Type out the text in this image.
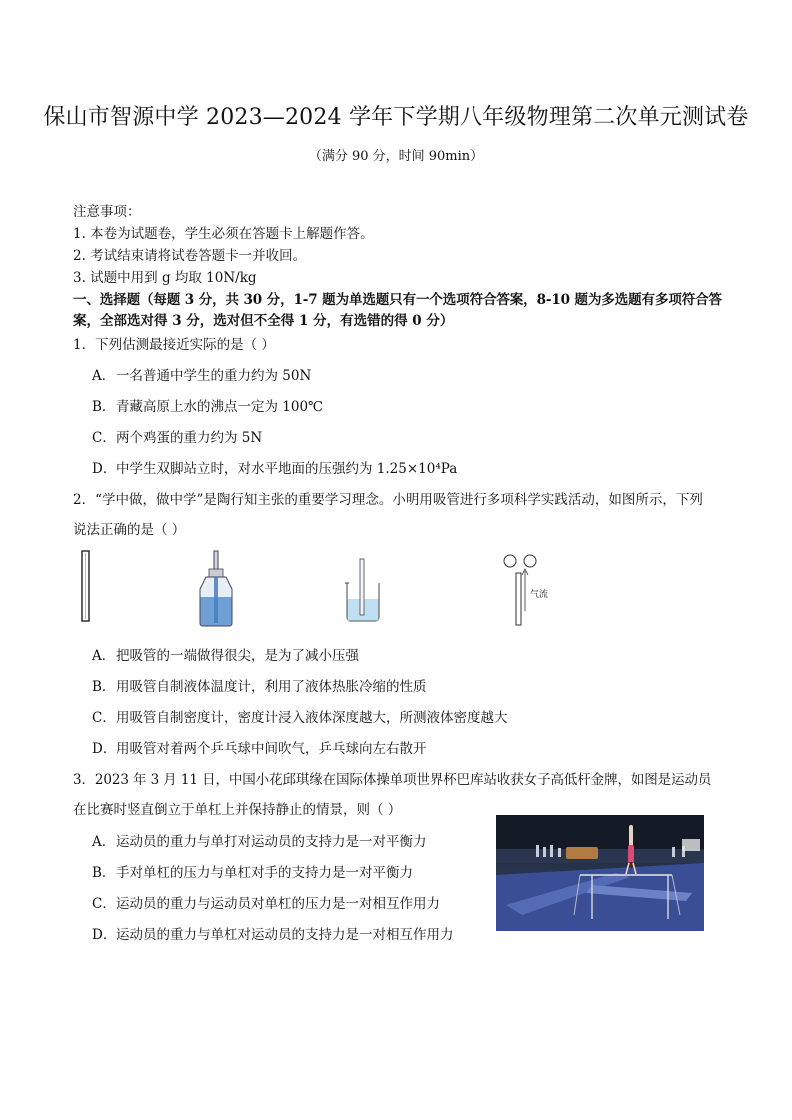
保山市智源中学 2023—2024 学年下学期八年级物理第二次单元测试卷
（满分 90 分，时间 90min）
注意事项：
1. 本卷为试题卷，学生必须在答题卡上解题作答。
2. 考试结束请将试卷答题卡一并收回。
3. 试题中用到 g 均取 10N/kg
一、选择题（每题 3 分，共 30 分，1-7 题为单选题只有一个选项符合答案，8-10 题为多选题有多项符合答
案，全部选对得 3 分，选对但不全得 1 分，有选错的得 0 分）
1．下列估测最接近实际的是（ ）
A．一名普通中学生的重力约为 50N
B．青藏高原上水的沸点一定为 100℃
C．两个鸡蛋的重力约为 5N
D．中学生双脚站立时，对水平地面的压强约为 1.25×10⁴Pa
2．“学中做，做中学”是陶行知主张的重要学习理念。小明用吸管进行多项科学实践活动，如图所示，下列
说法正确的是（ ）
气流
A．把吸管的一端做得很尖，是为了减小压强
B．用吸管自制液体温度计，利用了液体热胀冷缩的性质
C．用吸管自制密度计，密度计浸入液体深度越大，所测液体密度越大
D．用吸管对着两个乒乓球中间吹气，乒乓球向左右散开
3．2023 年 3 月 11 日，中国小花邱琪缘在国际体操单项世界杯巴库站收获女子高低杆金牌，如图是运动员
在比赛时竖直倒立于单杠上并保持静止的情景，则（ ）
A．运动员的重力与单打对运动员的支持力是一对平衡力
B．手对单杠的压力与单杠对手的支持力是一对平衡力
C．运动员的重力与运动员对单杠的压力是一对相互作用力
D．运动员的重力与单杠对运动员的支持力是一对相互作用力
